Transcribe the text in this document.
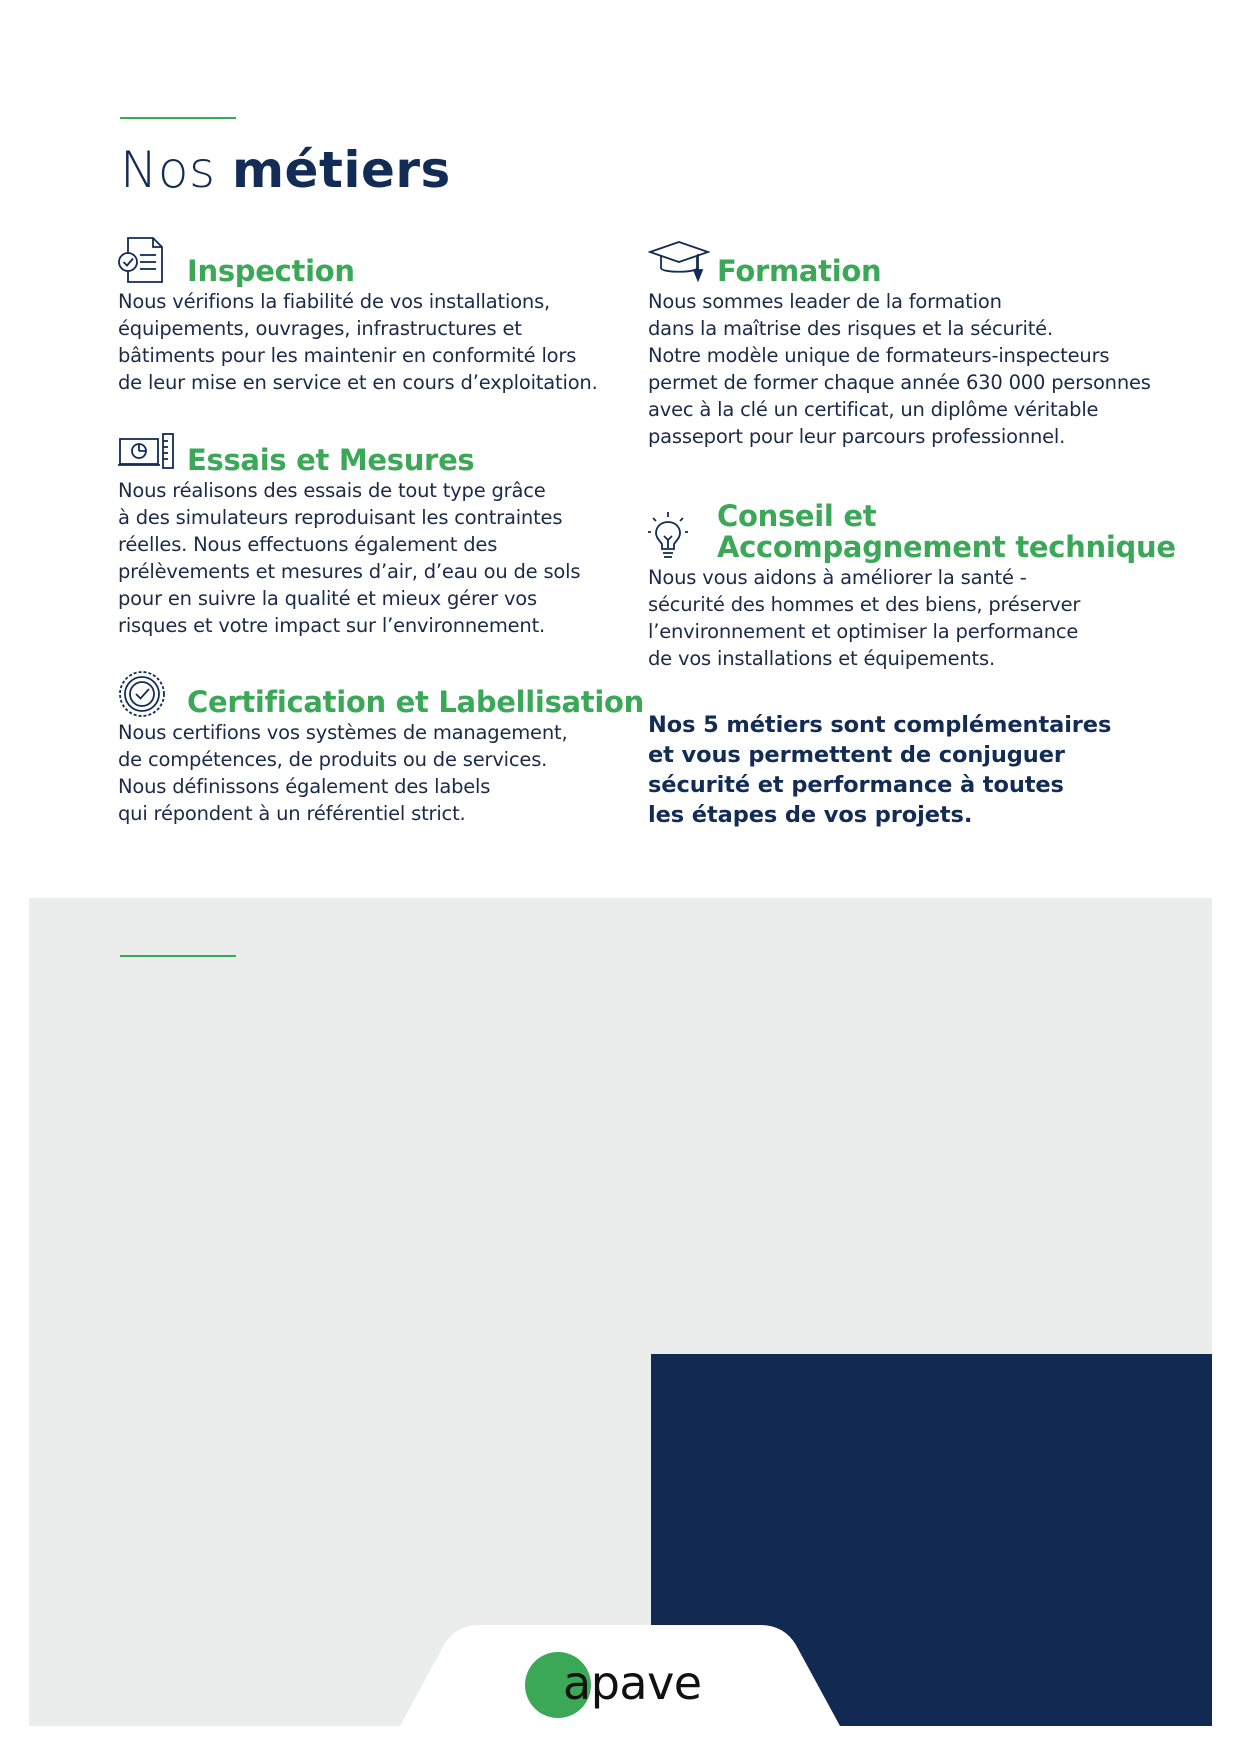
Nos métiers
Inspection

Nous vérifions la fiabilité de vos installations,
équipements, ouvrages, infrastructures et
bâtiments pour les maintenir en conformité lors
de leur mise en service et en cours d’exploitation.

Essais et Mesures

Nous réalisons des essais de tout type grâce
à des simulateurs reproduisant les contraintes
réelles. Nous effectuons également des
prélèvements et mesures d’air, d’eau ou de sols
pour en suivre la qualité et mieux gérer vos
risques et votre impact sur l’environnement.

Certification et Labellisation

Nous certifions vos systèmes de management,
de compétences, de produits ou de services.
Nous définissons également des labels
qui répondent à un référentiel strict.

Formation

Nous sommes leader de la formation
dans la maîtrise des risques et la sécurité.
Notre modèle unique de formateurs-inspecteurs
permet de former chaque année 630 000 personnes
avec à la clé un certificat, un diplôme véritable
passeport pour leur parcours professionnel.

Conseil et
Accompagnement technique

Nous vous aidons à améliorer la santé -
sécurité des hommes et des biens, préserver
l’environnement et optimiser la performance
de vos installations et équipements.

Nos 5 métiers sont complémentaires
et vous permettent de conjuguer
sécurité et performance à toutes
les étapes de vos projets.

apave
